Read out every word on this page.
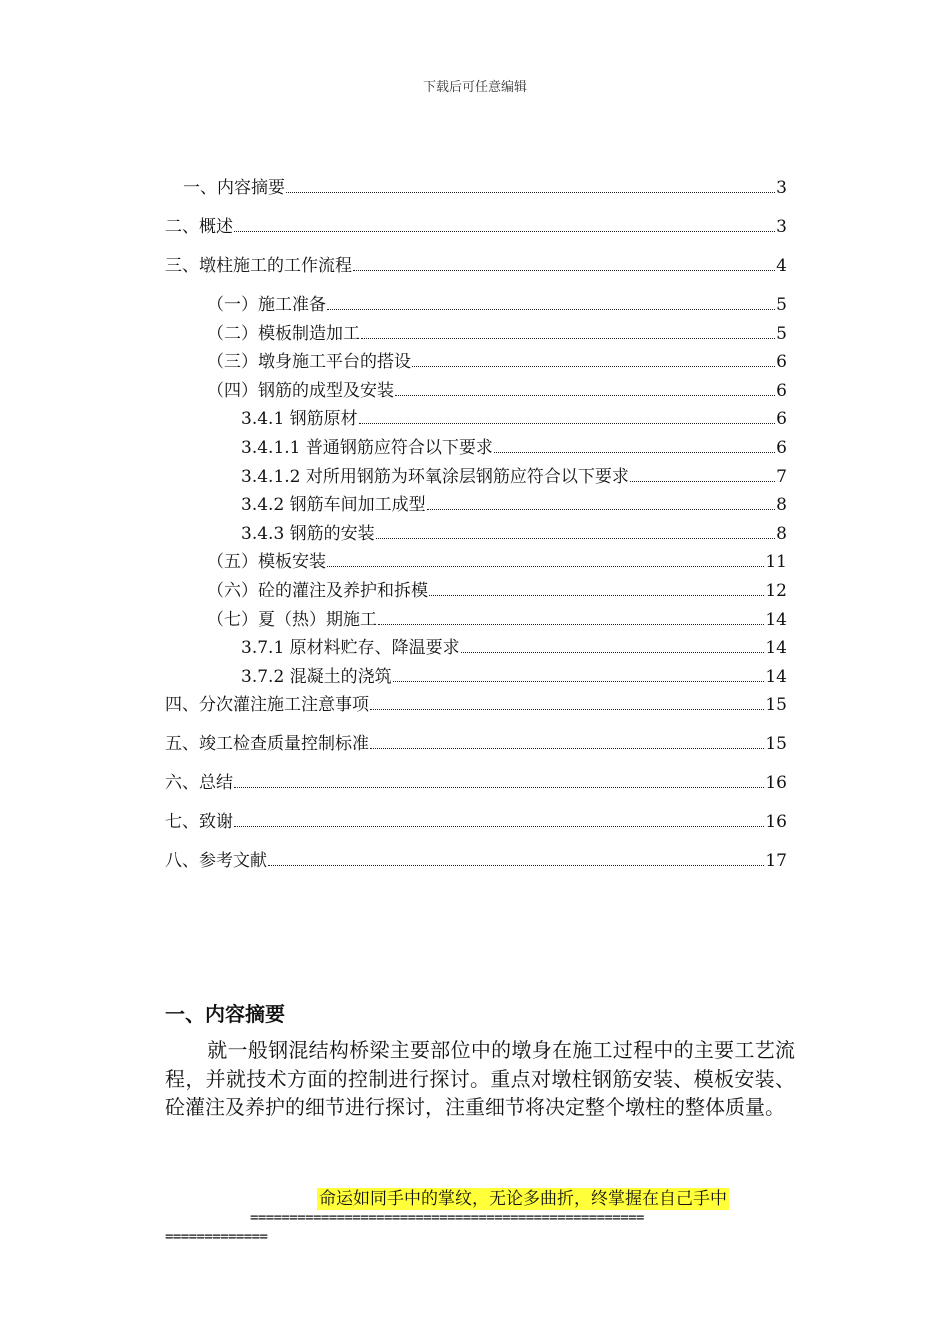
下载后可任意编辑
一、内容摘要	3
二、概述	3
三、墩柱施工的工作流程	4
（一）施工准备	5
（二）模板制造加工	5
（三）墩身施工平台的搭设	6
（四）钢筋的成型及安装	6
3.4.1 钢筋原材	6
3.4.1.1 普通钢筋应符合以下要求	6
3.4.1.2 对所用钢筋为环氧涂层钢筋应符合以下要求	7
3.4.2 钢筋车间加工成型	8
3.4.3 钢筋的安装	8
（五）模板安装	11
（六）砼的灌注及养护和拆模	12
（七）夏（热）期施工	14
3.7.1 原材料贮存、降温要求	14
3.7.2 混凝土的浇筑	14
四、分次灌注施工注意事项	15
五、竣工检查质量控制标准	15
六、总结	16
七、致谢	16
八、参考文献	17
一、内容摘要
就一般钢混结构桥梁主要部位中的墩身在施工过程中的主要工艺流程，并就技术方面的控制进行探讨。重点对墩柱钢筋安装、模板安装、砼灌注及养护的细节进行探讨，注重细节将决定整个墩柱的整体质量。
命运如同手中的掌纹，无论多曲折，终掌握在自己手中
==================================================
=============
